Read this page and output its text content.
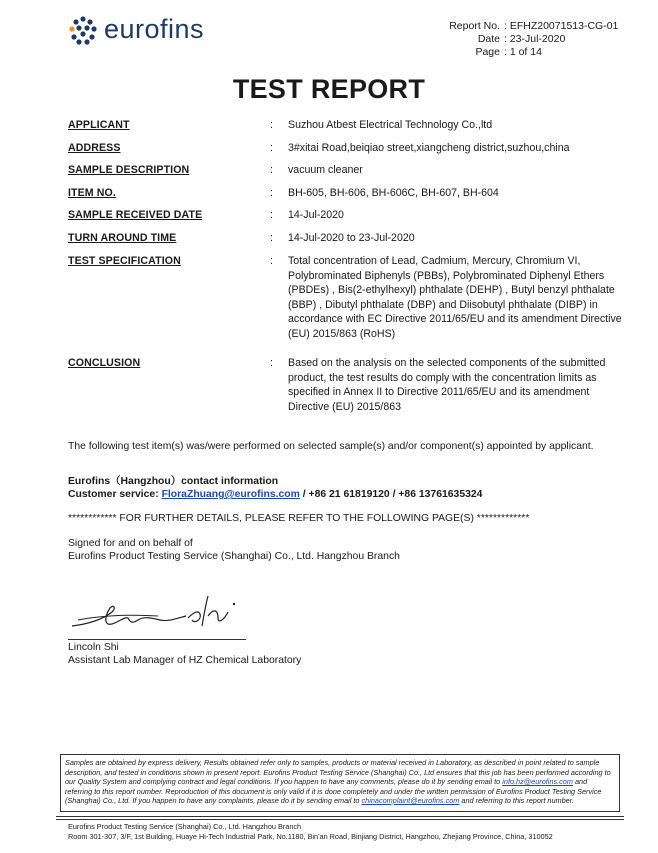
eurofins	Report No. : EFHZ20071513-CG-01
Date : 23-Jul-2020
Page : 1 of 14
TEST REPORT
APPLICANT	:	Suzhou Atbest Electrical Technology Co.,ltd
ADDRESS	:	3#xitai Road,beiqiao street,xiangcheng district,suzhou,china
SAMPLE DESCRIPTION	:	vacuum cleaner
ITEM NO.	:	BH-605, BH-606, BH-606C, BH-607, BH-604
SAMPLE RECEIVED DATE	:	14-Jul-2020
TURN AROUND TIME	:	14-Jul-2020 to 23-Jul-2020
TEST SPECIFICATION	:	Total concentration of Lead, Cadmium, Mercury, Chromium VI, Polybrominated Biphenyls (PBBs), Polybrominated Diphenyl Ethers (PBDEs) , Bis(2-ethylhexyl) phthalate (DEHP) , Butyl benzyl phthalate (BBP) , Dibutyl phthalate (DBP) and Diisobutyl phthalate (DIBP) in accordance with EC Directive 2011/65/EU and its amendment Directive (EU) 2015/863 (RoHS)
CONCLUSION	:	Based on the analysis on the selected components of the submitted product, the test results do comply with the concentration limits as specified in Annex II to Directive 2011/65/EU and its amendment Directive (EU) 2015/863
The following test item(s) was/were performed on selected sample(s) and/or component(s) appointed by applicant.
Eurofins（Hangzhou）contact information
Customer service: FloraZhuang@eurofins.com / +86 21 61819120 / +86 13761635324
************ FOR FURTHER DETAILS, PLEASE REFER TO THE FOLLOWING PAGE(S) *************
Signed for and on behalf of
Eurofins Product Testing Service (Shanghai) Co., Ltd. Hangzhou Branch
Lincoln Shi
Assistant Lab Manager of HZ Chemical Laboratory
Samples are obtained by express delivery, Results obtained refer only to samples, products or material received in Laboratory, as described in point related to sample description, and tested in conditions shown in present report. Eurofins Product Testing Service (Shanghai) Co., Ltd ensures that this job has been performed according to our Quality System and complying contract and legal conditions. If you happen to have any comments, please do it by sending email to info.hz@eurofins.com and referring to this report number. Reproduction of this document is only valid if it is done completely and under the written permission of Eurofins Product Testing Service (Shanghai) Co., Ltd. If you happen to have any complaints, please do it by sending email to chinacomplaint@eurofins.com and referring to this report number.
Eurofins Product Testing Service (Shanghai) Co., Ltd. Hangzhou Branch
Room 301-307, 3/F, 1st Building, Huaye Hi-Tech Industrial Park, No.1180, Bin'an Road, Binjiang District, Hangzhou, Zhejiang Province, China, 310052
